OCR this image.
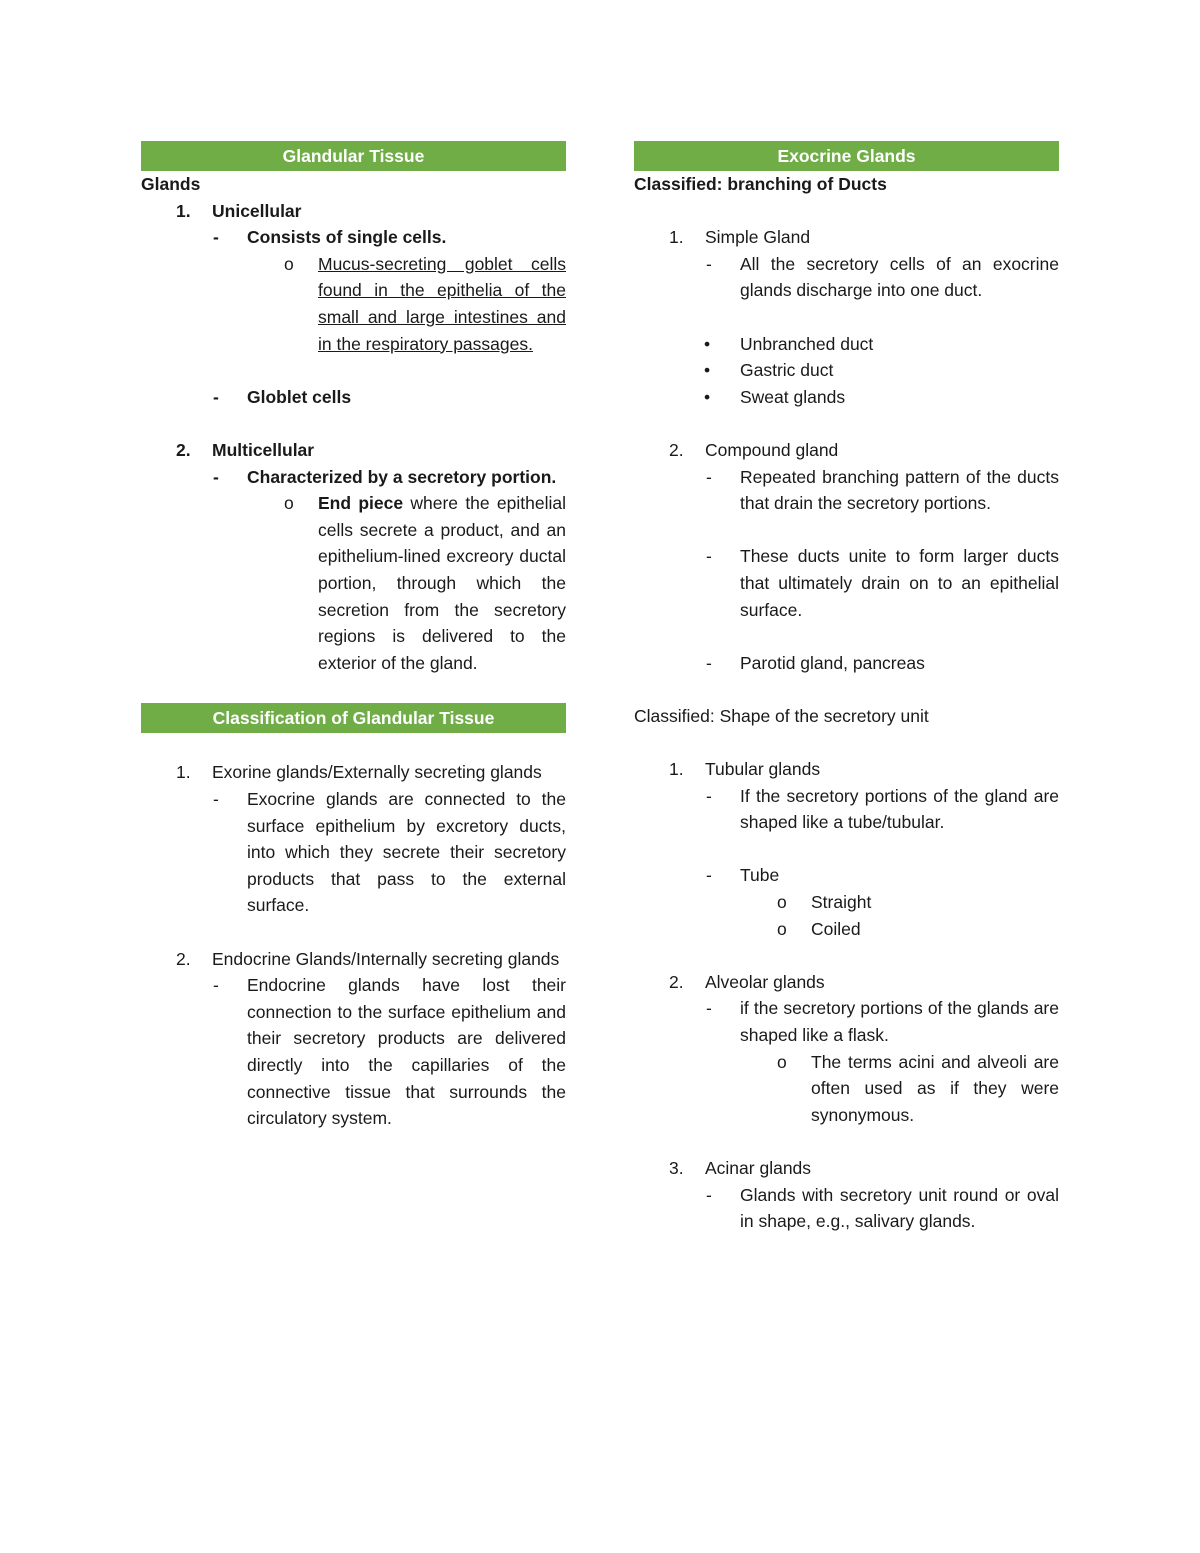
Glandular Tissue
Glands
1. Unicellular
- Consists of single cells.
o Mucus-secreting goblet cells found in the epithelia of the small and large intestines and in the respiratory passages.
- Globlet cells
2. Multicellular
- Characterized by a secretory portion.
o End piece where the epithelial cells secrete a product, and an epithelium-lined excreory ductal portion, through which the secretion from the secretory regions is delivered to the exterior of the gland.
Classification of Glandular Tissue
1. Exorine glands/Externally secreting glands
- Exocrine glands are connected to the surface epithelium by excretory ducts, into which they secrete their secretory products that pass to the external surface.
2. Endocrine Glands/Internally secreting glands
- Endocrine glands have lost their connection to the surface epithelium and their secretory products are delivered directly into the capillaries of the connective tissue that surrounds the circulatory system.
Exocrine Glands
Classified: branching of Ducts
1. Simple Gland
- All the secretory cells of an exocrine glands discharge into one duct.
• Unbranched duct
• Gastric duct
• Sweat glands
2. Compound gland
- Repeated branching pattern of the ducts that drain the secretory portions.
- These ducts unite to form larger ducts that ultimately drain on to an epithelial surface.
- Parotid gland, pancreas
Classified: Shape of the secretory unit
1. Tubular glands
- If the secretory portions of the gland are shaped like a tube/tubular.
- Tube
o Straight
o Coiled
2. Alveolar glands
- if the secretory portions of the glands are shaped like a flask.
o The terms acini and alveoli are often used as if they were synonymous.
3. Acinar glands
- Glands with secretory unit round or oval in shape, e.g., salivary glands.
